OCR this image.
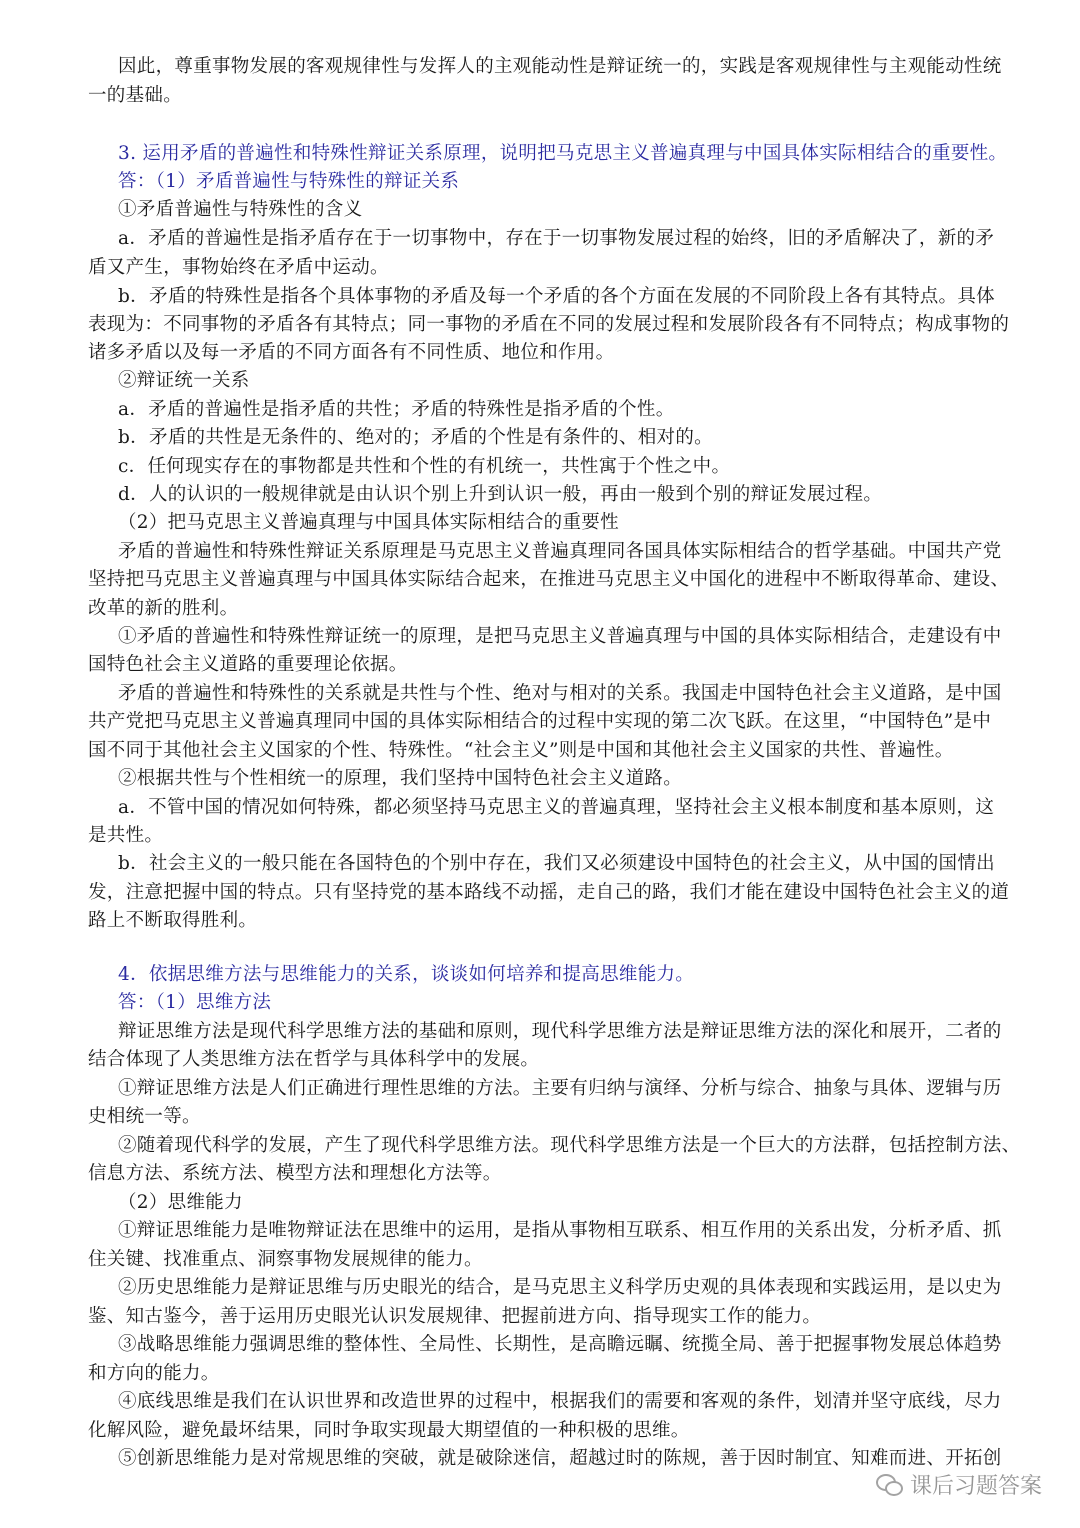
因此，尊重事物发展的客观规律性与发挥人的主观能动性是辩证统一的，实践是客观规律性与主观能动性统
一的基础。
3. 运用矛盾的普遍性和特殊性辩证关系原理，说明把马克思主义普遍真理与中国具体实际相结合的重要性。
答：（1）矛盾普遍性与特殊性的辩证关系
①矛盾普遍性与特殊性的含义
a．矛盾的普遍性是指矛盾存在于一切事物中，存在于一切事物发展过程的始终，旧的矛盾解决了，新的矛
盾又产生，事物始终在矛盾中运动。
b．矛盾的特殊性是指各个具体事物的矛盾及每一个矛盾的各个方面在发展的不同阶段上各有其特点。具体
表现为：不同事物的矛盾各有其特点；同一事物的矛盾在不同的发展过程和发展阶段各有不同特点；构成事物的
诸多矛盾以及每一矛盾的不同方面各有不同性质、地位和作用。
②辩证统一关系
a．矛盾的普遍性是指矛盾的共性；矛盾的特殊性是指矛盾的个性。
b．矛盾的共性是无条件的、绝对的；矛盾的个性是有条件的、相对的。
c．任何现实存在的事物都是共性和个性的有机统一，共性寓于个性之中。
d．人的认识的一般规律就是由认识个别上升到认识一般，再由一般到个别的辩证发展过程。
（2）把马克思主义普遍真理与中国具体实际相结合的重要性
矛盾的普遍性和特殊性辩证关系原理是马克思主义普遍真理同各国具体实际相结合的哲学基础。中国共产党
坚持把马克思主义普遍真理与中国具体实际结合起来，在推进马克思主义中国化的进程中不断取得革命、建设、
改革的新的胜利。
①矛盾的普遍性和特殊性辩证统一的原理，是把马克思主义普遍真理与中国的具体实际相结合，走建设有中
国特色社会主义道路的重要理论依据。
矛盾的普遍性和特殊性的关系就是共性与个性、绝对与相对的关系。我国走中国特色社会主义道路，是中国
共产党把马克思主义普遍真理同中国的具体实际相结合的过程中实现的第二次飞跃。在这里，“中国特色”是中
国不同于其他社会主义国家的个性、特殊性。“社会主义”则是中国和其他社会主义国家的共性、普遍性。
②根据共性与个性相统一的原理，我们坚持中国特色社会主义道路。
a．不管中国的情况如何特殊，都必须坚持马克思主义的普遍真理，坚持社会主义根本制度和基本原则，这
是共性。
b．社会主义的一般只能在各国特色的个别中存在，我们又必须建设中国特色的社会主义，从中国的国情出
发，注意把握中国的特点。只有坚持党的基本路线不动摇，走自己的路，我们才能在建设中国特色社会主义的道
路上不断取得胜利。
4．依据思维方法与思维能力的关系，谈谈如何培养和提高思维能力。
答：（1）思维方法
辩证思维方法是现代科学思维方法的基础和原则，现代科学思维方法是辩证思维方法的深化和展开，二者的
结合体现了人类思维方法在哲学与具体科学中的发展。
①辩证思维方法是人们正确进行理性思维的方法。主要有归纳与演绎、分析与综合、抽象与具体、逻辑与历
史相统一等。
②随着现代科学的发展，产生了现代科学思维方法。现代科学思维方法是一个巨大的方法群，包括控制方法、
信息方法、系统方法、模型方法和理想化方法等。
（2）思维能力
①辩证思维能力是唯物辩证法在思维中的运用，是指从事物相互联系、相互作用的关系出发，分析矛盾、抓
住关键、找准重点、洞察事物发展规律的能力。
②历史思维能力是辩证思维与历史眼光的结合，是马克思主义科学历史观的具体表现和实践运用，是以史为
鉴、知古鉴今，善于运用历史眼光认识发展规律、把握前进方向、指导现实工作的能力。
③战略思维能力强调思维的整体性、全局性、长期性，是高瞻远瞩、统揽全局、善于把握事物发展总体趋势
和方向的能力。
④底线思维是我们在认识世界和改造世界的过程中，根据我们的需要和客观的条件，划清并坚守底线，尽力
化解风险，避免最坏结果，同时争取实现最大期望值的一种积极的思维。
⑤创新思维能力是对常规思维的突破，就是破除迷信，超越过时的陈规，善于因时制宜、知难而进、开拓创
课后习题答案
